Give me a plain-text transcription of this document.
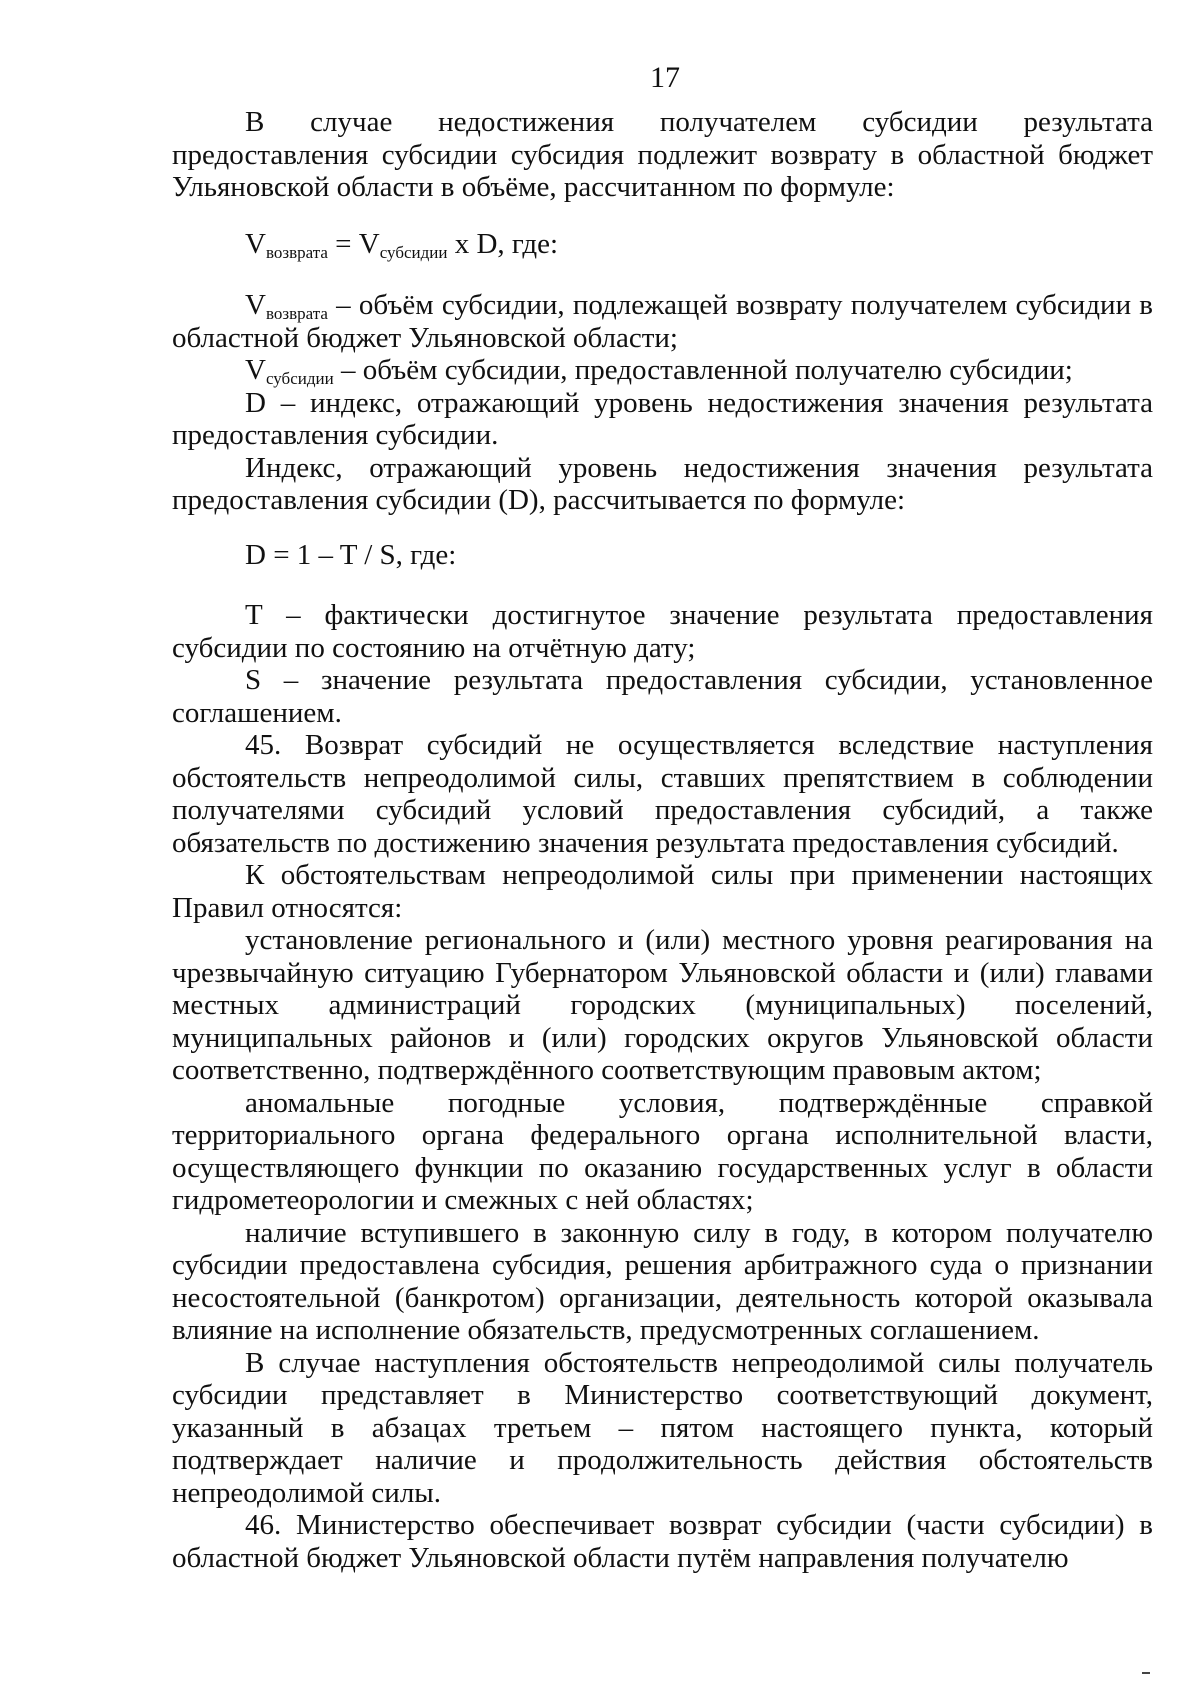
17

В случае недостижения получателем субсидии результата предоставления субсидии субсидия подлежит возврату в областной бюджет Ульяновской области в объёме, рассчитанном по формуле:

$V_{возврата} = V_{субсидии}$ x D, где:

$V_{возврата}$ – объём субсидии, подлежащей возврату получателем субсидии в областной бюджет Ульяновской области;

$V_{субсидии}$ – объём субсидии, предоставленной получателю субсидии;

D – индекс, отражающий уровень недостижения значения результата предоставления субсидии.

Индекс, отражающий уровень недостижения значения результата предоставления субсидии (D), рассчитывается по формуле:

D = 1 – T / S, где:

T – фактически достигнутое значение результата предоставления субсидии по состоянию на отчётную дату;

S – значение результата предоставления субсидии, установленное соглашением.

45. Возврат субсидий не осуществляется вследствие наступления обстоятельств непреодолимой силы, ставших препятствием в соблюдении получателями субсидий условий предоставления субсидий, а также обязательств по достижению значения результата предоставления субсидий.

К обстоятельствам непреодолимой силы при применении настоящих Правил относятся:

установление регионального и (или) местного уровня реагирования на чрезвычайную ситуацию Губернатором Ульяновской области и (или) главами местных администраций городских (муниципальных) поселений, муниципальных районов и (или) городских округов Ульяновской области соответственно, подтверждённого соответствующим правовым актом;

аномальные погодные условия, подтверждённые справкой территориального органа федерального органа исполнительной власти, осуществляющего функции по оказанию государственных услуг в области гидрометеорологии и смежных с ней областях;

наличие вступившего в законную силу в году, в котором получателю субсидии предоставлена субсидия, решения арбитражного суда о признании несостоятельной (банкротом) организации, деятельность которой оказывала влияние на исполнение обязательств, предусмотренных соглашением.

В случае наступления обстоятельств непреодолимой силы получатель субсидии представляет в Министерство соответствующий документ, указанный в абзацах третьем – пятом настоящего пункта, который подтверждает наличие и продолжительность действия обстоятельств непреодолимой силы.

46. Министерство обеспечивает возврат субсидии (части субсидии) в областной бюджет Ульяновской области путём направления получателю
